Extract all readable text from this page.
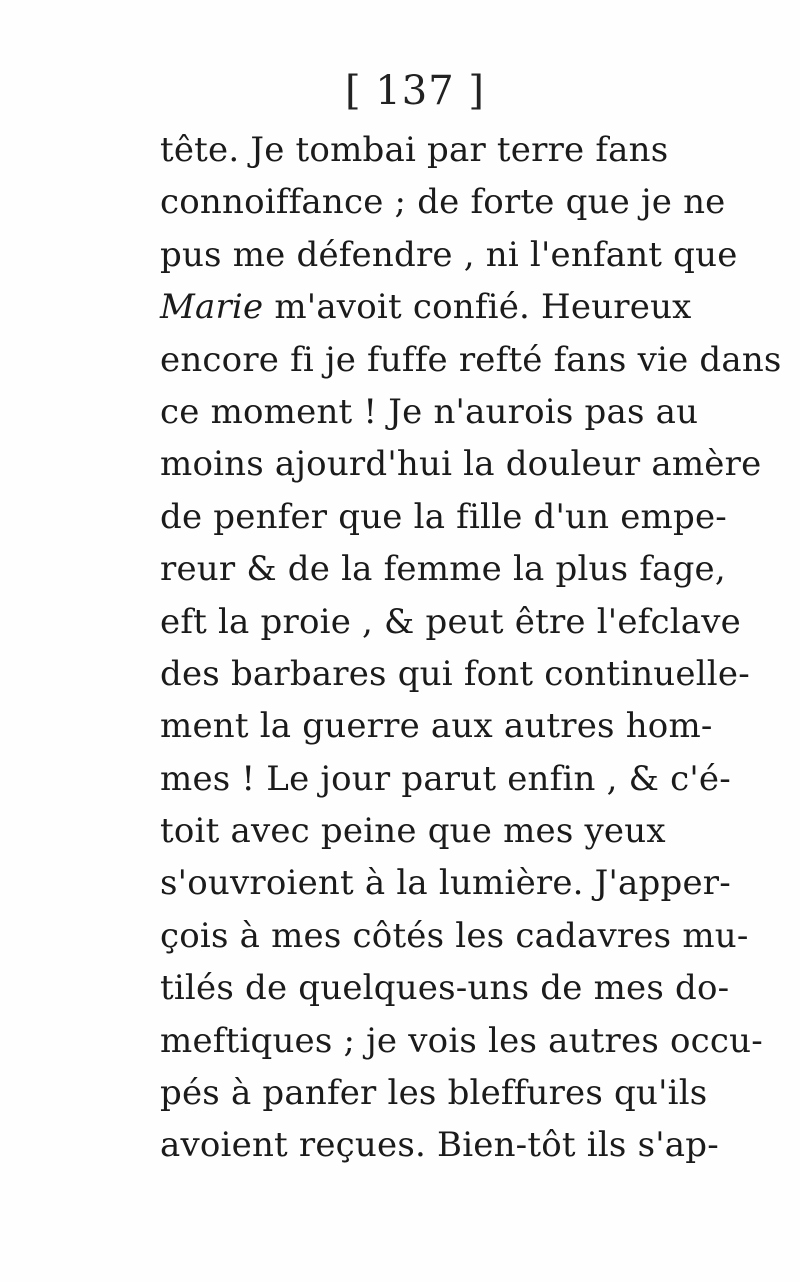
[ 137 ]
tête. Je tombai par terre fans
connoiffance ; de forte que je ne
pus me défendre , ni l'enfant que
Marie m'avoit confié. Heureux
encore fi je fuffe refté fans vie dans
ce moment ! Je n'aurois pas au
moins ajourd'hui la douleur amère
de penfer que la fille d'un empe-
reur & de la femme la plus fage,
eft la proie , & peut être l'efclave
des barbares qui font continuelle-
ment la guerre aux autres hom-
mes ! Le jour parut enfin , & c'é-
toit avec peine que mes yeux
s'ouvroient à la lumière. J'apper-
çois à mes côtés les cadavres mu-
tilés de quelques-uns de mes do-
meftiques ; je vois les autres occu-
pés à panfer les bleffures qu'ils
avoient reçues. Bien-tôt ils s'ap-
